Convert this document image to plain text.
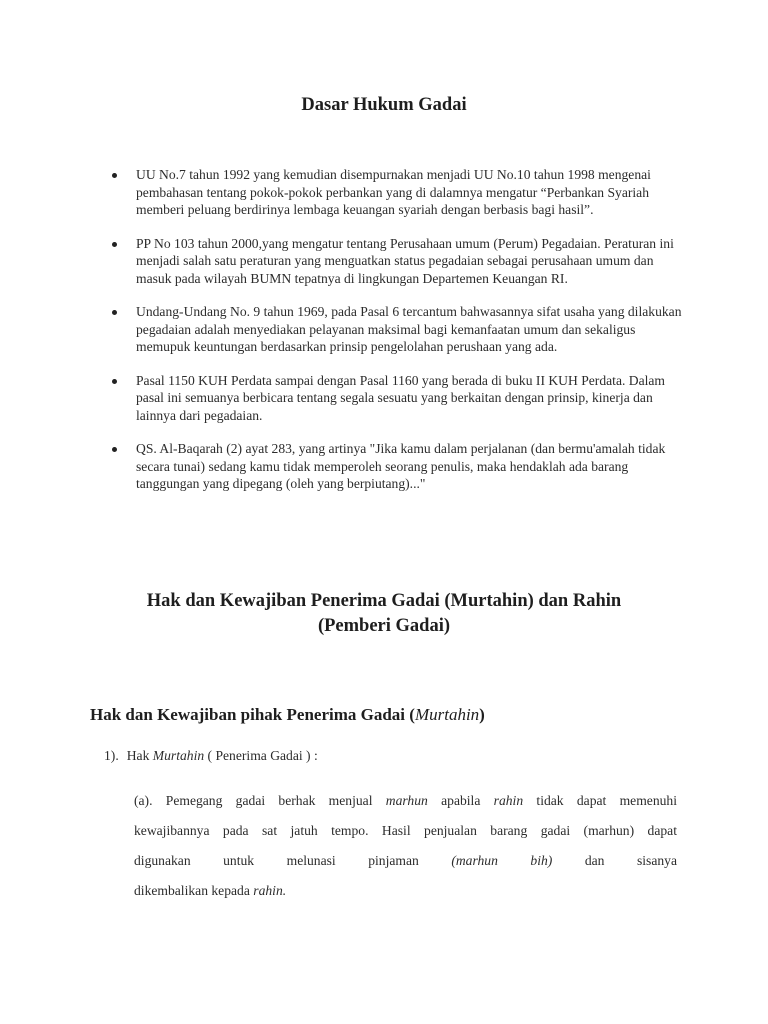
Dasar Hukum Gadai
UU No.7 tahun 1992 yang kemudian disempurnakan menjadi UU No.10 tahun 1998 mengenai pembahasan tentang pokok-pokok perbankan yang di dalamnya mengatur “Perbankan Syariah memberi peluang berdirinya lembaga keuangan syariah dengan berbasis bagi hasil”.
PP No 103 tahun 2000,yang mengatur tentang Perusahaan umum (Perum) Pegadaian. Peraturan ini menjadi salah satu peraturan yang menguatkan status pegadaian sebagai perusahaan umum dan masuk pada wilayah BUMN tepatnya di lingkungan Departemen Keuangan RI.
Undang-Undang No. 9 tahun 1969, pada Pasal 6 tercantum bahwasannya sifat usaha yang dilakukan pegadaian adalah menyediakan pelayanan maksimal bagi kemanfaatan umum dan sekaligus memupuk keuntungan berdasarkan prinsip pengelolahan perushaan yang ada.
Pasal 1150 KUH Perdata sampai dengan Pasal 1160 yang berada di buku II KUH Perdata. Dalam pasal ini semuanya berbicara tentang segala sesuatu yang berkaitan dengan prinsip, kinerja dan lainnya dari pegadaian.
QS. Al-Baqarah (2) ayat 283, yang artinya "Jika kamu dalam perjalanan (dan bermu'amalah tidak secara tunai) sedang kamu tidak memperoleh seorang penulis, maka hendaklah ada barang tanggungan yang dipegang (oleh yang berpiutang)..."
Hak dan Kewajiban Penerima Gadai (Murtahin) dan Rahin
(Pemberi Gadai)
Hak dan Kewajiban pihak Penerima Gadai (Murtahin)
1). Hak Murtahin ( Penerima Gadai ) :
(a). Pemegang gadai berhak menjual marhun apabila rahin tidak dapat memenuhi
kewajibannya pada sat jatuh tempo. Hasil penjualan barang gadai (marhun) dapat
digunakan untuk melunasi pinjaman (marhun bih) dan sisanya
dikembalikan kepada rahin.
